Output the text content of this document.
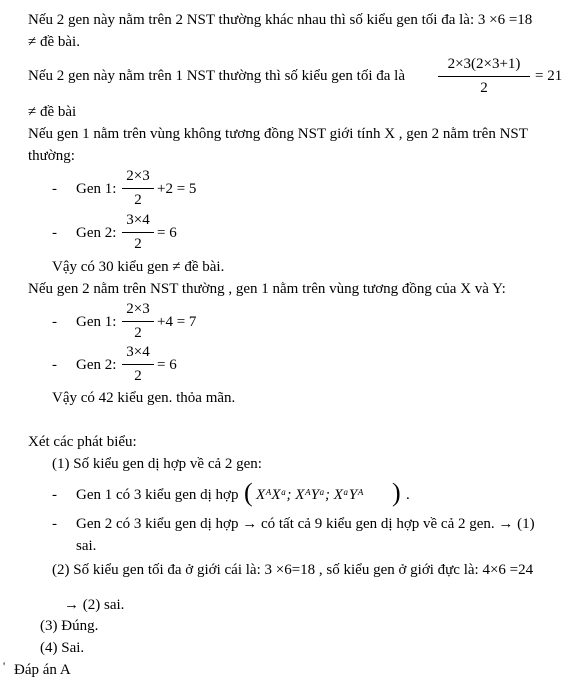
Nếu 2 gen này nằm trên 2 NST thường khác nhau thì số kiểu gen tối đa là: 3 ×6 =18
≠ đề bài.
Nếu 2 gen này nằm trên 1 NST thường thì số kiểu gen tối đa là
2×3(2×3+1)
2
= 21
≠ đề bài
Nếu gen 1 nằm trên vùng không tương đồng NST giới tính X , gen 2 nằm trên NST
thường:
- Gen 1:
2×3
2
+2 = 5
- Gen 2:
3×4
2
= 6
Vậy có 30 kiểu gen ≠ đề bài.
Nếu gen 2 nằm trên NST thường , gen 1 nằm trên vùng tương đồng của X và Y:
- Gen 1:
2×3
2
+4 = 7
- Gen 2:
3×4
2
= 6
Vậy có 42 kiểu gen. thỏa mãn.
Xét các phát biểu:
(1) Số kiểu gen dị hợp về cả 2 gen:
- Gen 1 có 3 kiểu gen dị hợp ( XᴬXᵃ; XᴬYᵃ; XᵃYᴬ ) .
- Gen 2 có 3 kiểu gen dị hợp → có tất cả 9 kiểu gen dị hợp về cả 2 gen. → (1)
sai.
(2) Số kiểu gen tối đa ở giới cái là: 3 ×6=18 , số kiểu gen ở giới đực là: 4×6 =24
→ (2) sai.
(3) Đúng.
(4) Sai.
' Đáp án A
